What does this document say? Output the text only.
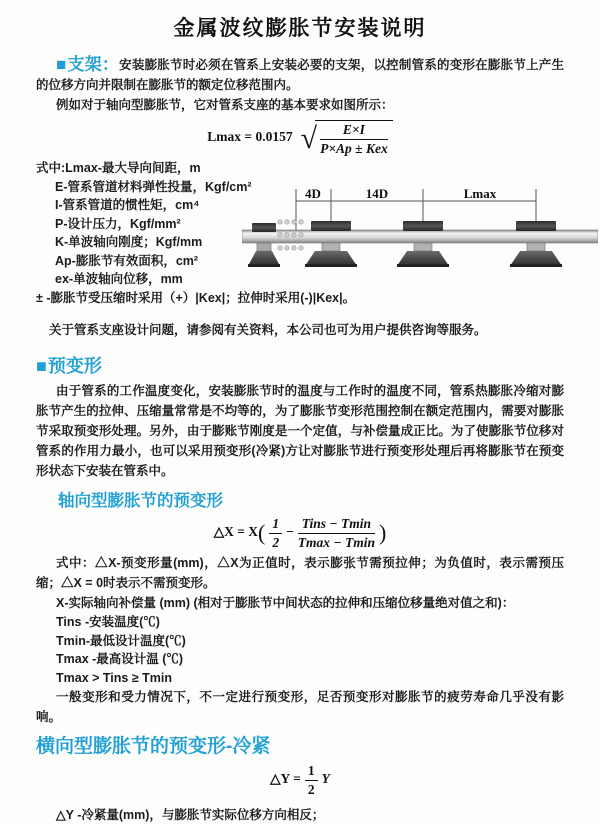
金属波纹膨胀节安装说明

■支架：安装膨胀节时必须在管系上安装必要的支架，以控制管系的变形在膨胀节上产生的位移方向并限制在膨胀节的额定位移范围内。

例如对于轴向型膨胀节，它对管系支座的基本要求如图所示：

Lmax = 0.0157 √ $\frac{E\times I}{\text{P×Ap ± Kex}}$
式中:Lmax-最大导向间距，m
E-管系管道材料弹性投量，Kgf/cm²
I-管系管道的惯性矩，cm⁴
P-设计压力，Kgf/mm²
K-单波轴向刚度；Kgf/mm
Ap-膨胀节有效面积，cm²
ex-单波轴向位移，mm
± -膨胀节受压缩时采用（+）|Kex|；拉伸时采用(-)|Kex|。
4D	14D	Lmax

关于管系支座设计问题，请参阅有关资料，本公司也可为用户提供咨询等服务。

■预变形

由于管系的工作温度变化，安装膨胀节时的温度与工作时的温度不同，管系热膨胀冷缩对膨胀节产生的拉伸、压缩量常常是不均等的，为了膨胀节变形范围控制在额定范围内，需要对膨胀节采取预变形处理。另外，由于膨账节刚度是一个定值，与补偿量成正比。为了使膨胀节位移对管系的作用力最小，也可以采用预变形(冷紧)方让对膨胀节进行预变形处理后再将膨胀节在预变形状态下安装在管系中。

轴向型膨胀节的预变形
△X = $X( \frac{1}{2} - \frac{\text{Tins − Tmin}}{Tmax - Tmin}$ )

式中：△X-预变形量(mm)，△X为正值时，表示膨张节需预拉伸；为负值时，表示需预压缩；△X = 0时表示不需预变形。

X-实际轴向补偿量 (mm) (相对于膨胀节中间状态的拉伸和压缩位移量绝对值之和)：

Tins -安装温度(℃)
Tmin-最低设计温度(℃)
Tmax -最高设计温 (℃)
Tmax > Tins ≥ Tmin

一般变形和受力情况下，不一定进行预变形，足否预变形对膨胀节的疲劳寿命几乎没有影响。

横向型膨胀节的预变形-冷紧
△Y = $\frac{1}{2}$ Y

△Y -冷紧量(mm)，与膨胀节实际位移方向相反；
